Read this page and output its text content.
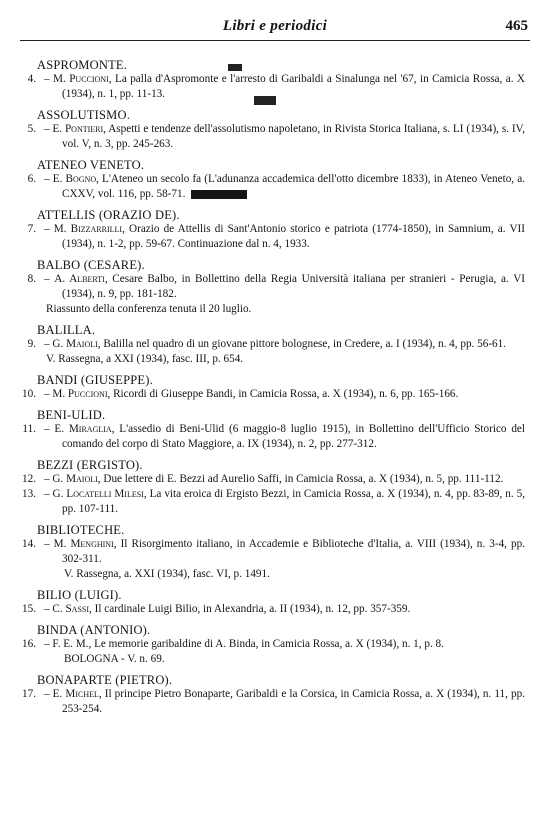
Libri e periodici	465
ASPROMONTE.
4. – M. Puccioni, La palla d'Aspromonte e l'arresto di Garibaldi a Sinalunga nel '67, in Camicia Rossa, a. X (1934), n. 1, pp. 11-13.
ASSOLUTISMO.
5. – E. Pontieri, Aspetti e tendenze dell'assolutismo napoletano, in Rivista Storica Italiana, s. LI (1934), s. IV, vol. V, n. 3, pp. 245-263.
ATENEO VENETO.
6. – E. Bogno, L'Ateneo un secolo fa (L'adunanza accademica dell'otto dicembre 1833), in Ateneo Veneto, a. CXXV, vol. 116, pp. 58-71.
ATTELLIS (ORAZIO DE).
7. – M. Bizzarrilli, Orazio de Attellis di Sant'Antonio storico e patriota (1774-1850), in Samnium, a. VII (1934), n. 1-2, pp. 59-67. Continuazione dal n. 4, 1933.
BALBO (CESARE).
8. – A. Alberti, Cesare Balbo, in Bollettino della Regia Università italiana per stranieri - Perugia, a. VI (1934), n. 9, pp. 181-182.
Riassunto della conferenza tenuta il 20 luglio.
BALILLA.
9. – G. Maioli, Balilla nel quadro di un giovane pittore bolognese, in Credere, a. I (1934), n. 4, pp. 56-61.
V. Rassegna, a XXI (1934), fasc. III, p. 654.
BANDI (GIUSEPPE).
10. – M. Puccioni, Ricordi di Giuseppe Bandi, in Camicia Rossa, a. X (1934), n. 6, pp. 165-166.
BENI-ULID.
11. – E. Miraglia, L'assedio di Beni-Ulid (6 maggio-8 luglio 1915), in Bollettino dell'Ufficio Storico del comando del corpo di Stato Maggiore, a. IX (1934), n. 2, pp. 277-312.
BEZZI (ERGISTO).
12. – G. Maioli, Due lettere di E. Bezzi ad Aurelio Saffi, in Camicia Rossa, a. X (1934), n. 5, pp. 111-112.
13. – G. Locatelli Milesi, La vita eroica di Ergisto Bezzi, in Camicia Rossa, a. X (1934), n. 4, pp. 83-89, n. 5, pp. 107-111.
BIBLIOTECHE.
14. – M. Menghini, Il Risorgimento italiano, in Accademie e Biblioteche d'Italia, a. VIII (1934), n. 3-4, pp. 302-311.
V. Rassegna, a. XXI (1934), fasc. VI, p. 1491.
BILIO (LUIGI).
15. – C. Sassi, Il cardinale Luigi Bilio, in Alexandria, a. II (1934), n. 12, pp. 357-359.
BINDA (ANTONIO).
16. – F. E. M., Le memorie garibaldine di A. Binda, in Camicia Rossa, a. X (1934), n. 1, p. 8.
BOLOGNA - V. n. 69.
BONAPARTE (PIETRO).
17. – E. Michel, Il principe Pietro Bonaparte, Garibaldi e la Corsica, in Camicia Rossa, a. X (1934), n. 11, pp. 253-254.
